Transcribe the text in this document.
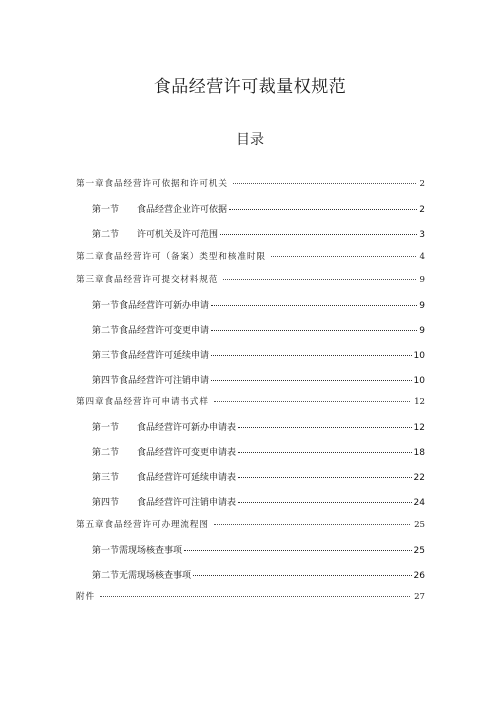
食品经营许可裁量权规范
目录
第一章食品经营许可依据和许可机关	2
第一节　　食品经营企业许可依据	2
第二节　　许可机关及许可范围	3
第二章食品经营许可（备案）类型和核准时限	4
第三章食品经营许可提交材料规范	9
第一节食品经营许可新办申请	9
第二节食品经营许可变更申请	9
第三节食品经营许可延续申请	10
第四节食品经营许可注销申请	10
第四章食品经营许可申请书式样	12
第一节　　食品经营许可新办申请表	12
第二节　　食品经营许可变更申请表	18
第三节　　食品经营许可延续申请表	22
第四节　　食品经营许可注销申请表	24
第五章食品经营许可办理流程图	25
第一节需现场核查事项	25
第二节无需现场核查事项	26
附件	27
